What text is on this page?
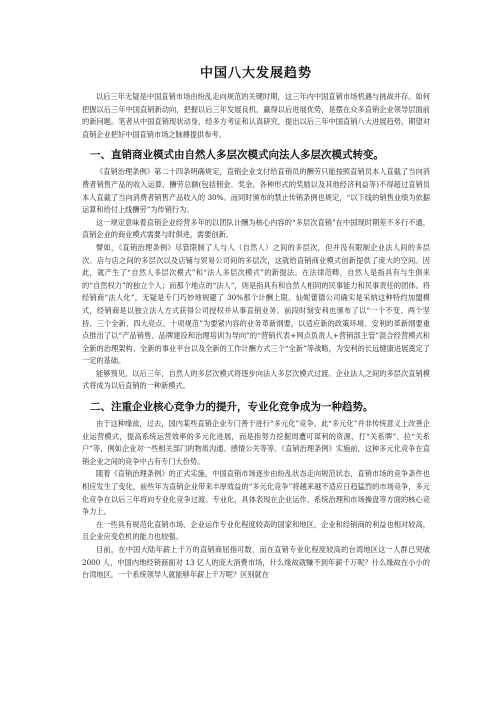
中国八大发展趋势

以后三年无疑是中国直销市场由纷乱走向规范的关键时期，这三年内中国直销市场机遇与挑战并存。如何把握以后三年中国直销新动向，把握以后三年发展良机，赢得以后进展优势，是摆在众多直销企业领导层面前的新问题。笔者从中国直销现状动身，经多方考证和认真研究，提出以后三年中国直销八大进展趋势，期望对直销企业把好中国直销市场之脉搏提供参考。

一、直销商业模式由自然人多层次模式向法人多层次模式转变。

《直销治理条例》第二十四条明确规定，直销企业支付给直销员的酬劳只能按照直销员本人直截了当向消费者销售产品的收入运算，酬劳总额(包括佣金、奖金、各种形式的奖励以及其他经济利益等)不得超过直销员本人直截了当向消费者销售产品收入的 30%。而同时颁布的禁止传销条例也规定，“以下线的销售业绩为依据运算和给付上线酬劳”为传销行为。

这一规定意味着直销企业经营多年的以团队计酬为核心内容的“多层次直销”在中国现时期差不多行不通，直销企业的商业模式需要与时俱进，需要创新。

譬如，《直销治理条例》尽管限制了人与人（自然人）之间的多层次，但并没有限制企业法人间的多层次、店与店之间的多层次以及店铺与贸易公司间的多层次，这就给直销商业模式创新提供了庞大的空间。因此，就产生了“自然人多层次模式”和“法人多层次模式”的新提法。在法律范畴，自然人是指具有与生俱来的“自然权力”的独立个人；而那个地点的“法人”，则是指具有和自然人相同的民事能力和民事责任的团体。将经销商“法人化”，无疑是专门巧妙地规避了 30%那个计酬上限。仙妮蕾德公司确实是采纳这种特约加盟模式，经销商是以独立法人方式获得公司授权并从事直销业务。前段时刻安利也颁布了以“一个不变、两个坚持、三个全新、四大亮点、十项规范”为要紧内容的业务革新纲要，以适应新的政策环境。安利的革新纲要重点推出了以“产品销售、品牌建设和治理培训为导向”的“营销代表+网点负责人+营销部主管”混合经营模式和全新的治理架构、全新的事业平台以及全新的工作计酬方式三个“全新”等战略，为安利的长远健康进展奠定了一定的基础。

能够预见，以后三年，自然人的多层次模式将逐步向法人多层次模式过渡。企业法人之间的多层次直销模式将成为以后直销的一种新模式。

二、注重企业核心竞争力的提升，专业化竞争成为一种趋势。

由于这种缘故，过去，国内某些直销企业专门善于进行“多元化”竞争。此“多元化”并非传统意义上改善企业运营模式，提高系统运营效率的多元化进展，而是指努力挖掘周遭可谋利的资源，打“关系牌”、拉“关系户”等，例如企业对一些相关部门的物质沟通、感情公关等等。《直销治理条例》实施前，这种多元化竞争在直销企业之间的竞争中占有专门大份势。

随着《直销治理条例》的正式实施，中国直销市场逐步由纷乱状态走向规范状态，直销市场的竞争条件也相应发生了变化，前些年为直销企业带来丰厚效益的“多元化竞争”将越来越不适应日趋猛烈的市场竞争，多元化竞争在以后三年将向专业化竞争过渡。专业化，具体表现在企业运作、系统治理和市场操盘等方面的核心竞争力上。

在一些具有规范化直销市场、企业运作专业化程度较高的国家和地区，企业和经销商的利益也相对较高，且企业应变危机的能力也较强。

目前，在中国大陆年薪上千万的直销商屈指可数，而在直销专业化程度较高的台湾地区这一人群已突破 2000 人，中国内地经销商面对 13 亿人的庞大消费市场，什么缘故就赚不到年薪千万呢？什么缘故在小小的台湾地区，一个系统领导人就能够年薪上千万呢？区别就在
